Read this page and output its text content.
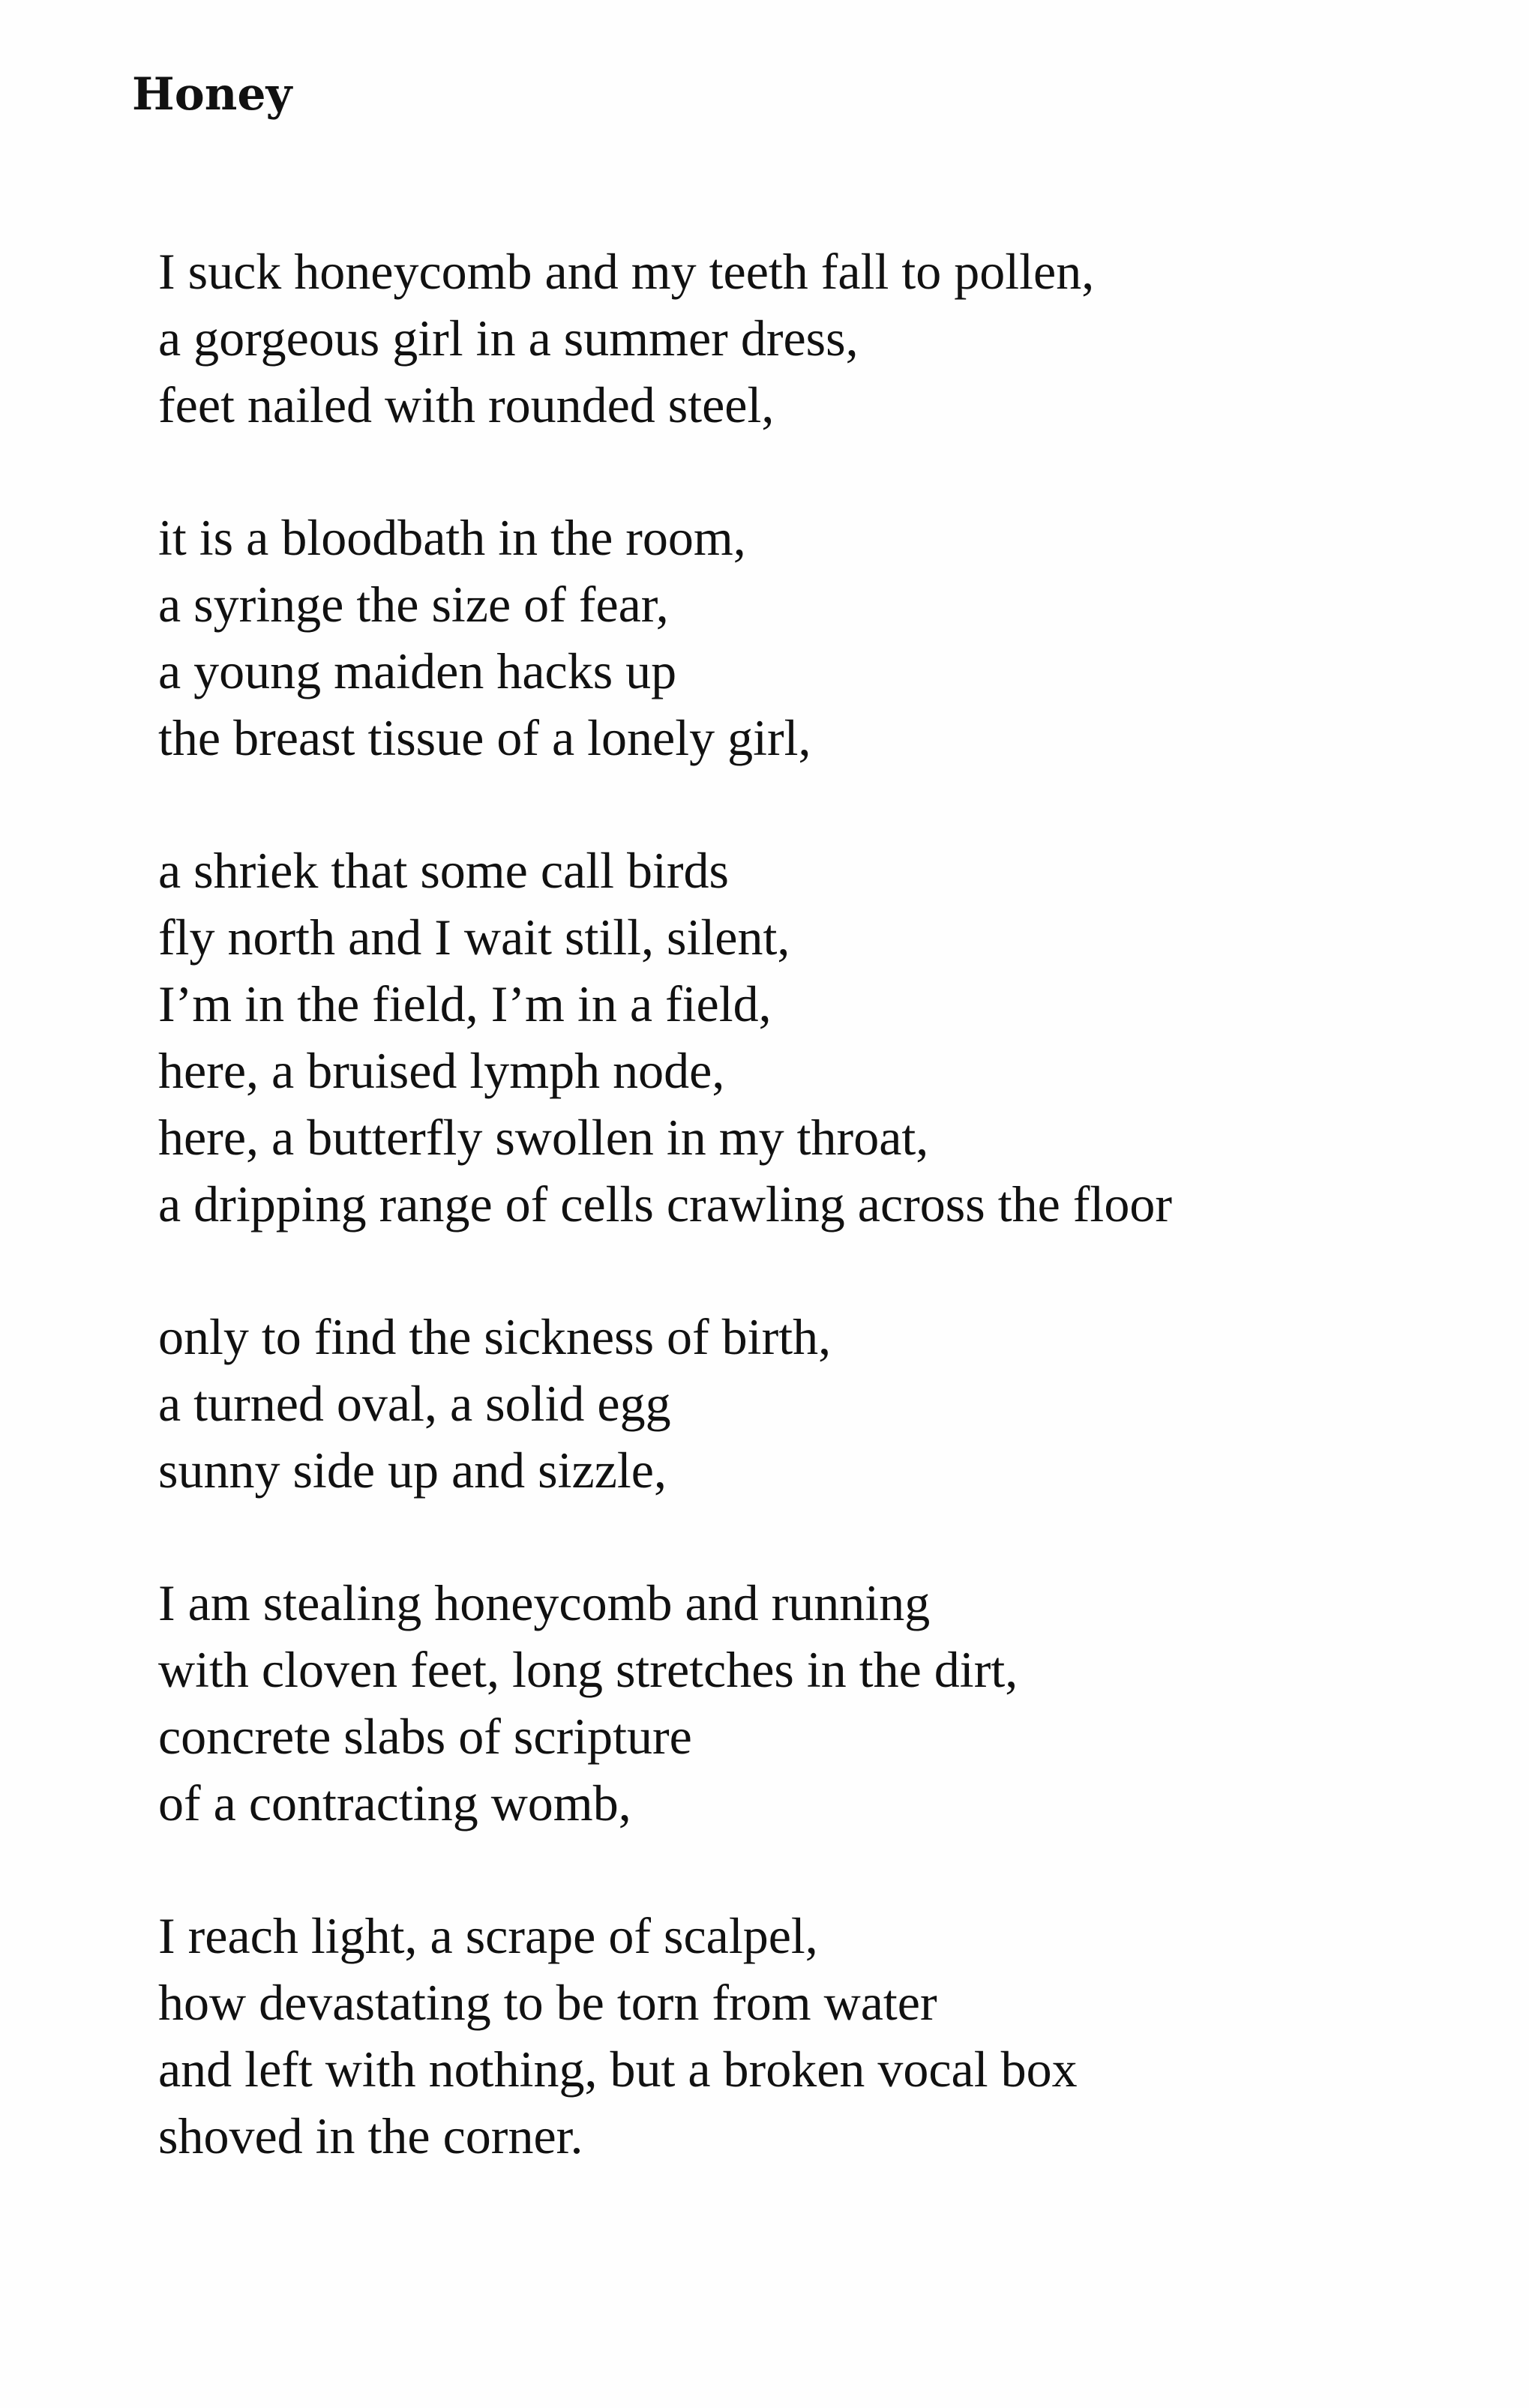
Honey

I suck honeycomb and my teeth fall to pollen,
a gorgeous girl in a summer dress,
feet nailed with rounded steel,

it is a bloodbath in the room,
a syringe the size of fear,
a young maiden hacks up
the breast tissue of a lonely girl,

a shriek that some call birds
fly north and I wait still, silent,
I’m in the field, I’m in a field,
here, a bruised lymph node,
here, a butterfly swollen in my throat,
a dripping range of cells crawling across the floor

only to find the sickness of birth,
a turned oval, a solid egg
sunny side up and sizzle,

I am stealing honeycomb and running
with cloven feet, long stretches in the dirt,
concrete slabs of scripture
of a contracting womb,

I reach light, a scrape of scalpel,
how devastating to be torn from water
and left with nothing, but a broken vocal box
shoved in the corner.
